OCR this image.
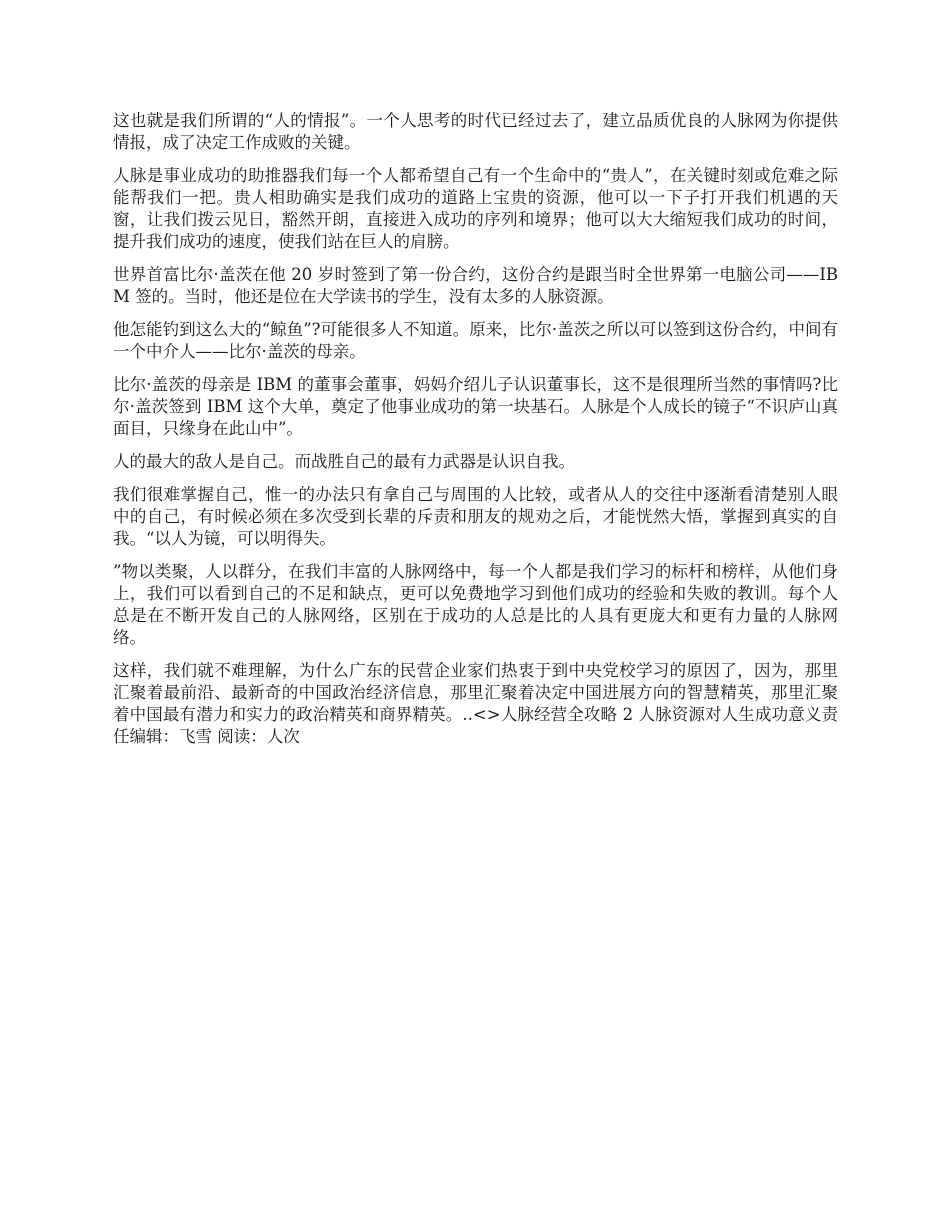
这也就是我们所谓的“人的情报”。一个人思考的时代已经过去了，建立品质优良的人脉网为你提供情报，成了决定工作成败的关键。

人脉是事业成功的助推器我们每一个人都希望自己有一个生命中的“贵人”，在关键时刻或危难之际能帮我们一把。贵人相助确实是我们成功的道路上宝贵的资源，他可以一下子打开我们机遇的天窗，让我们拨云见日，豁然开朗，直接进入成功的序列和境界；他可以大大缩短我们成功的时间，提升我们成功的速度，使我们站在巨人的肩膀。

世界首富比尔·盖茨在他 20 岁时签到了第一份合约，这份合约是跟当时全世界第一电脑公司——IBM 签的。当时，他还是位在大学读书的学生，没有太多的人脉资源。

他怎能钓到这么大的“鲸鱼”?可能很多人不知道。原来，比尔·盖茨之所以可以签到这份合约，中间有一个中介人——比尔·盖茨的母亲。

比尔·盖茨的母亲是 IBM 的董事会董事，妈妈介绍儿子认识董事长，这不是很理所当然的事情吗?比尔·盖茨签到 IBM 这个大单，奠定了他事业成功的第一块基石。人脉是个人成长的镜子“不识庐山真面目，只缘身在此山中”。

人的最大的敌人是自己。而战胜自己的最有力武器是认识自我。

我们很难掌握自己，惟一的办法只有拿自己与周围的人比较，或者从人的交往中逐渐看清楚别人眼中的自己，有时候必须在多次受到长辈的斥责和朋友的规劝之后，才能恍然大悟，掌握到真实的自我。“以人为镜，可以明得失。

”物以类聚，人以群分，在我们丰富的人脉网络中，每一个人都是我们学习的标杆和榜样，从他们身上，我们可以看到自己的不足和缺点，更可以免费地学习到他们成功的经验和失败的教训。每个人总是在不断开发自己的人脉网络，区别在于成功的人总是比的人具有更庞大和更有力量的人脉网络。

这样，我们就不难理解，为什么广东的民营企业家们热衷于到中央党校学习的原因了，因为，那里汇聚着最前沿、最新奇的中国政治经济信息，那里汇聚着决定中国进展方向的智慧精英，那里汇聚着中国最有潜力和实力的政治精英和商界精英。..<>人脉经营全攻略 2 人脉资源对人生成功意义责任编辑：飞雪 阅读：人次
